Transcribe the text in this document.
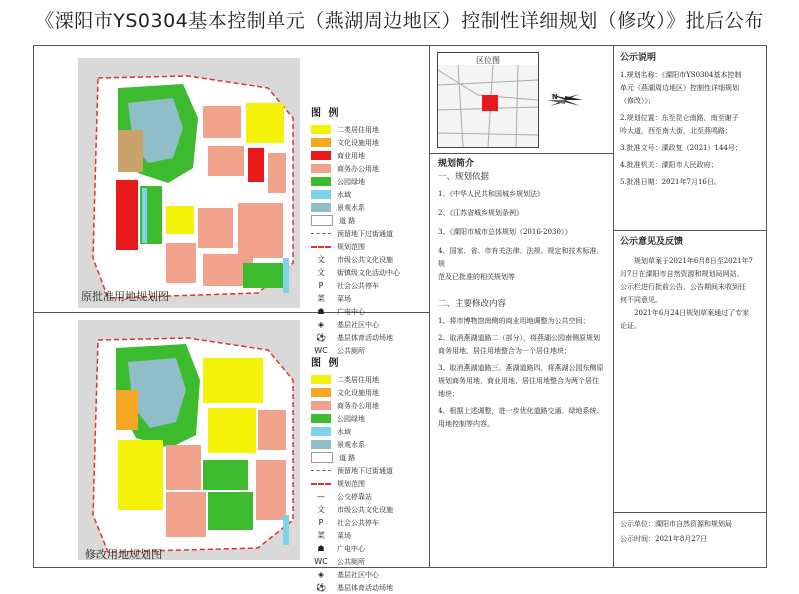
《溧阳市YS0304基本控制单元（燕湖周边地区）控制性详细规划（修改）》批后公布
图 例
二类居住用地
文化设施用地
商业用地
商务办公用地
公园绿地
水域
景观水系
道 路
预留地下过街通道
规划范围
文	市级公共文化设施
文	街镇级文化活动中心
P	社会公共停车
菜	菜场
☗	广电中心
◈	基层社区中心
⚽	基层体育活动场地
WC	公共厕所
原批准用地规划图
图 例
二类居住用地
文化设施用地
商务办公用地
公园绿地
水域
景观水系
道 路
预留地下过街通道
规划范围
—	公交停靠站
文	市级公共文化设施
P	社会公共停车
菜	菜场
☗	广电中心
WC	公共厕所
◈	基层社区中心
⚽	基层体育活动场地
修改用地规划图
区位图
N
规划简介
一、规划依据
1、《中华人民共和国城乡规划法》
2、《江苏省城乡规划条例》
3、《溧阳市城市总体规划（2016-2030）》
4、国家、省、市有关法律、法规、规定和技术标准、规
范及已批准的相关规划等
二、主要修改内容
1、将市博物馆南侧的商业用地调整为公共空间；
2、取消燕湖道路二（部分），将燕湖公园南侧原规划
商务用地、居住用地整合为一个居住地块；
3、取消燕湖道路三、燕湖道路四，将燕湖公园东侧原
规划商务用地、商业用地、居住用地整合为两个居住
地块；
4、根据上述调整，进一步优化道路交通、绿地系统、
用地控制等内容。
公示说明
1.规划名称：《溧阳市YS0304基本控制
单元（燕湖周边地区）控制性详细规划
（修改）》；
2.规划位置：东至昆仑南路，南至谢子
吟大道，西至南大街，北至燕鸣路；
3.批准文号：溧政复（2021）144号；
4.批准机关：溧阳市人民政府；
5.批准日期：2021年7月16日。
公示意见及反馈
规划草案于2021年6月8日至2021年7
月7日在溧阳市自然资源和规划局网站、
公示栏进行批前公告，公告期间未收到任
何不同意见。
2021年6月24日规划草案通过了专家
论证。
公示单位：溧阳市自然资源和规划局
公示时间：2021年8月27日
